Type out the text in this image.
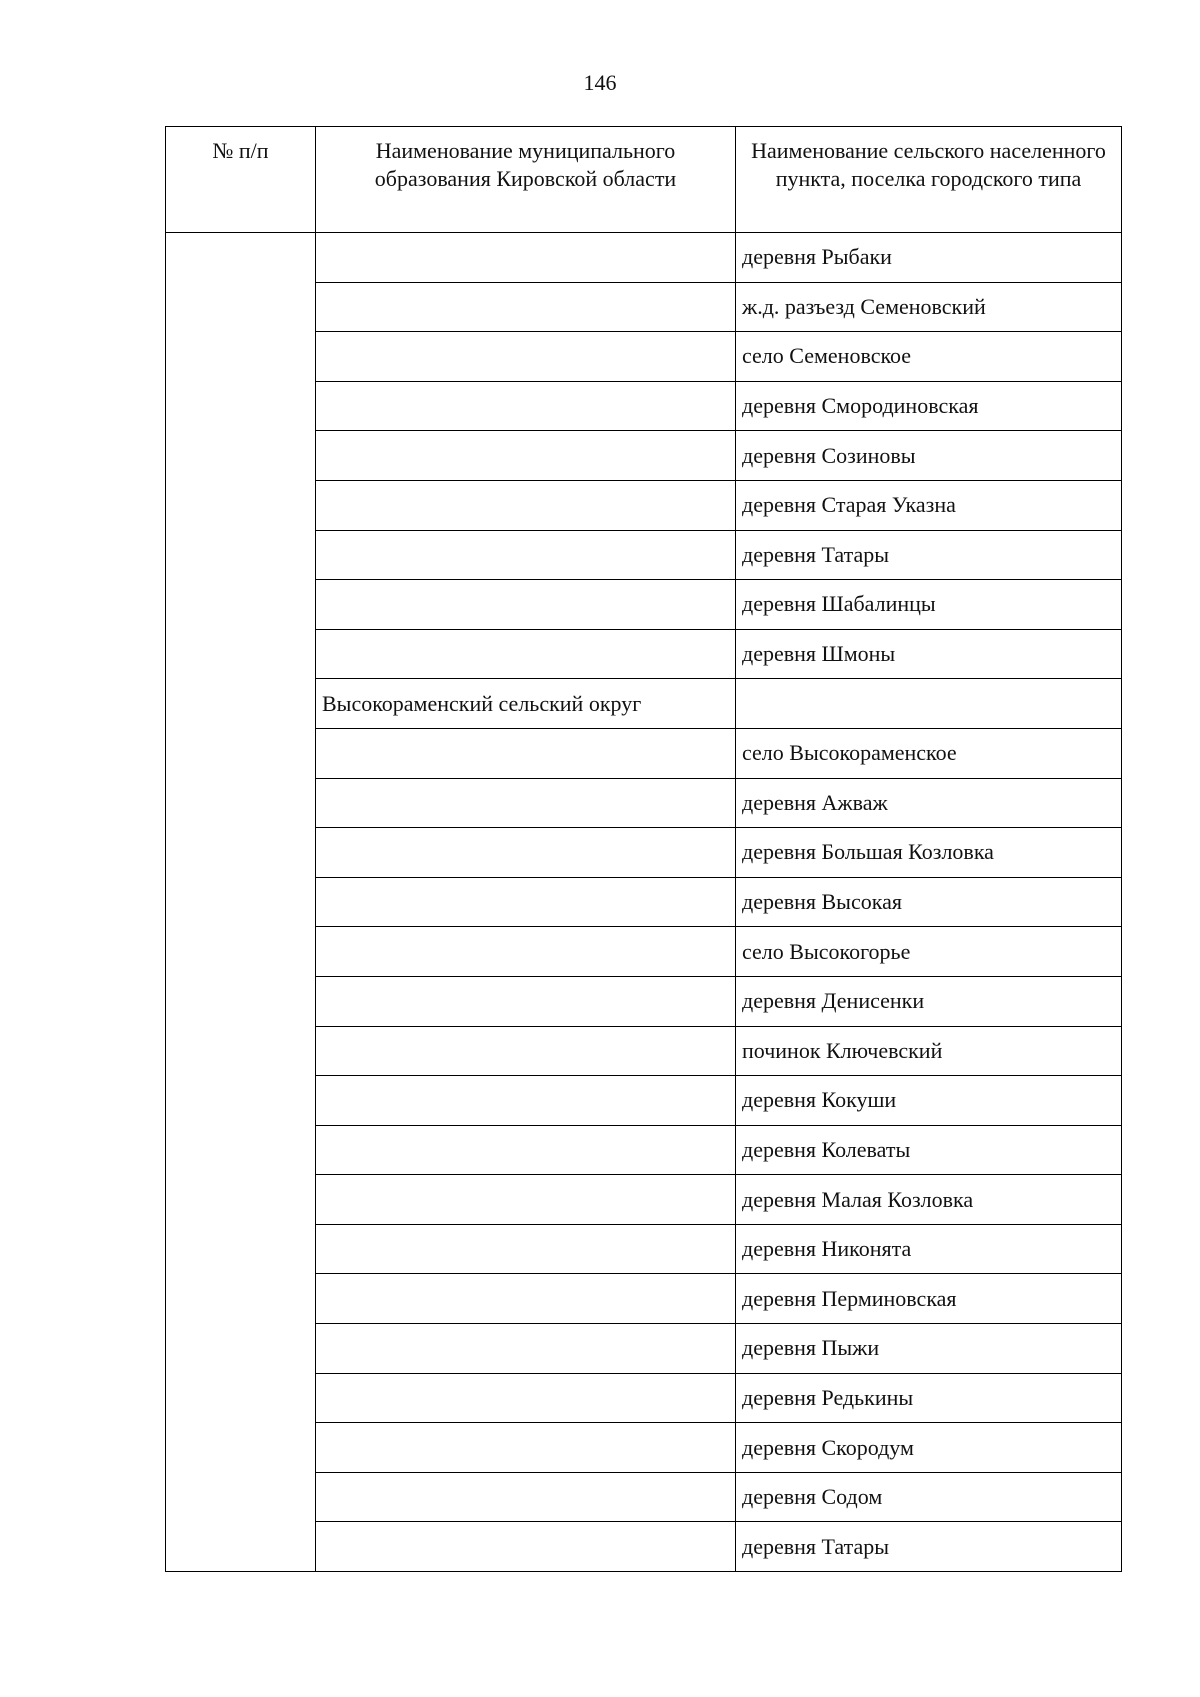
146
№ п/п	Наименование муниципального образования Кировской области	Наименование сельского населенного пункта, поселка городского типа
		деревня Рыбаки
		ж.д. разъезд Семеновский
		село Семеновское
		деревня Смородиновская
		деревня Созиновы
		деревня Старая Указна
		деревня Татары
		деревня Шабалинцы
		деревня Шмоны
	Высокораменский сельский округ	
		село Высокораменское
		деревня Ажваж
		деревня Большая Козловка
		деревня Высокая
		село Высокогорье
		деревня Денисенки
		починок Ключевский
		деревня Кокуши
		деревня Колеваты
		деревня Малая Козловка
		деревня Никонята
		деревня Перминовская
		деревня Пыжи
		деревня Редькины
		деревня Скородум
		деревня Содом
		деревня Татары
